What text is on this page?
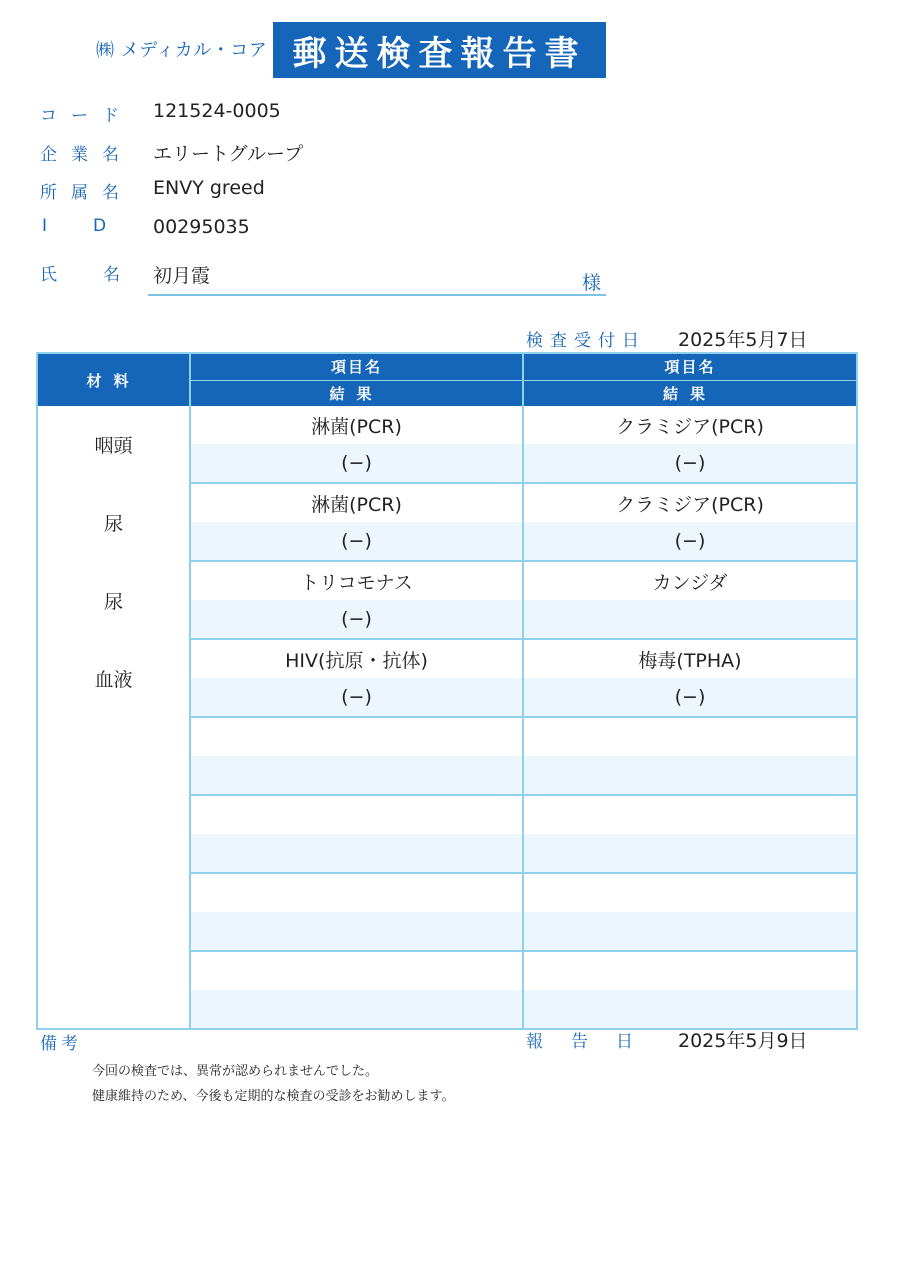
㈱ メディカル・コア 郵送検査報告書
コード 121524-0005
企業名 エリートグループ
所属名 ENVY greed
ID 00295035
氏名
初月霞	様
検査受付日 2025年5月7日
材料	項目名	項目名
	結果	結果
咽頭	淋菌(PCR)	クラミジア(PCR)
	(−)	(−)
尿	淋菌(PCR)	クラミジア(PCR)
	(−)	(−)
尿	トリコモナス	カンジダ
	(−)	
血液	HIV(抗原・抗体)	梅毒(TPHA)
	(−)	(−)

備考	報告日 2025年5月9日
今回の検査では、異常が認められませんでした。
健康維持のため、今後も定期的な検査の受診をお勧めします。
